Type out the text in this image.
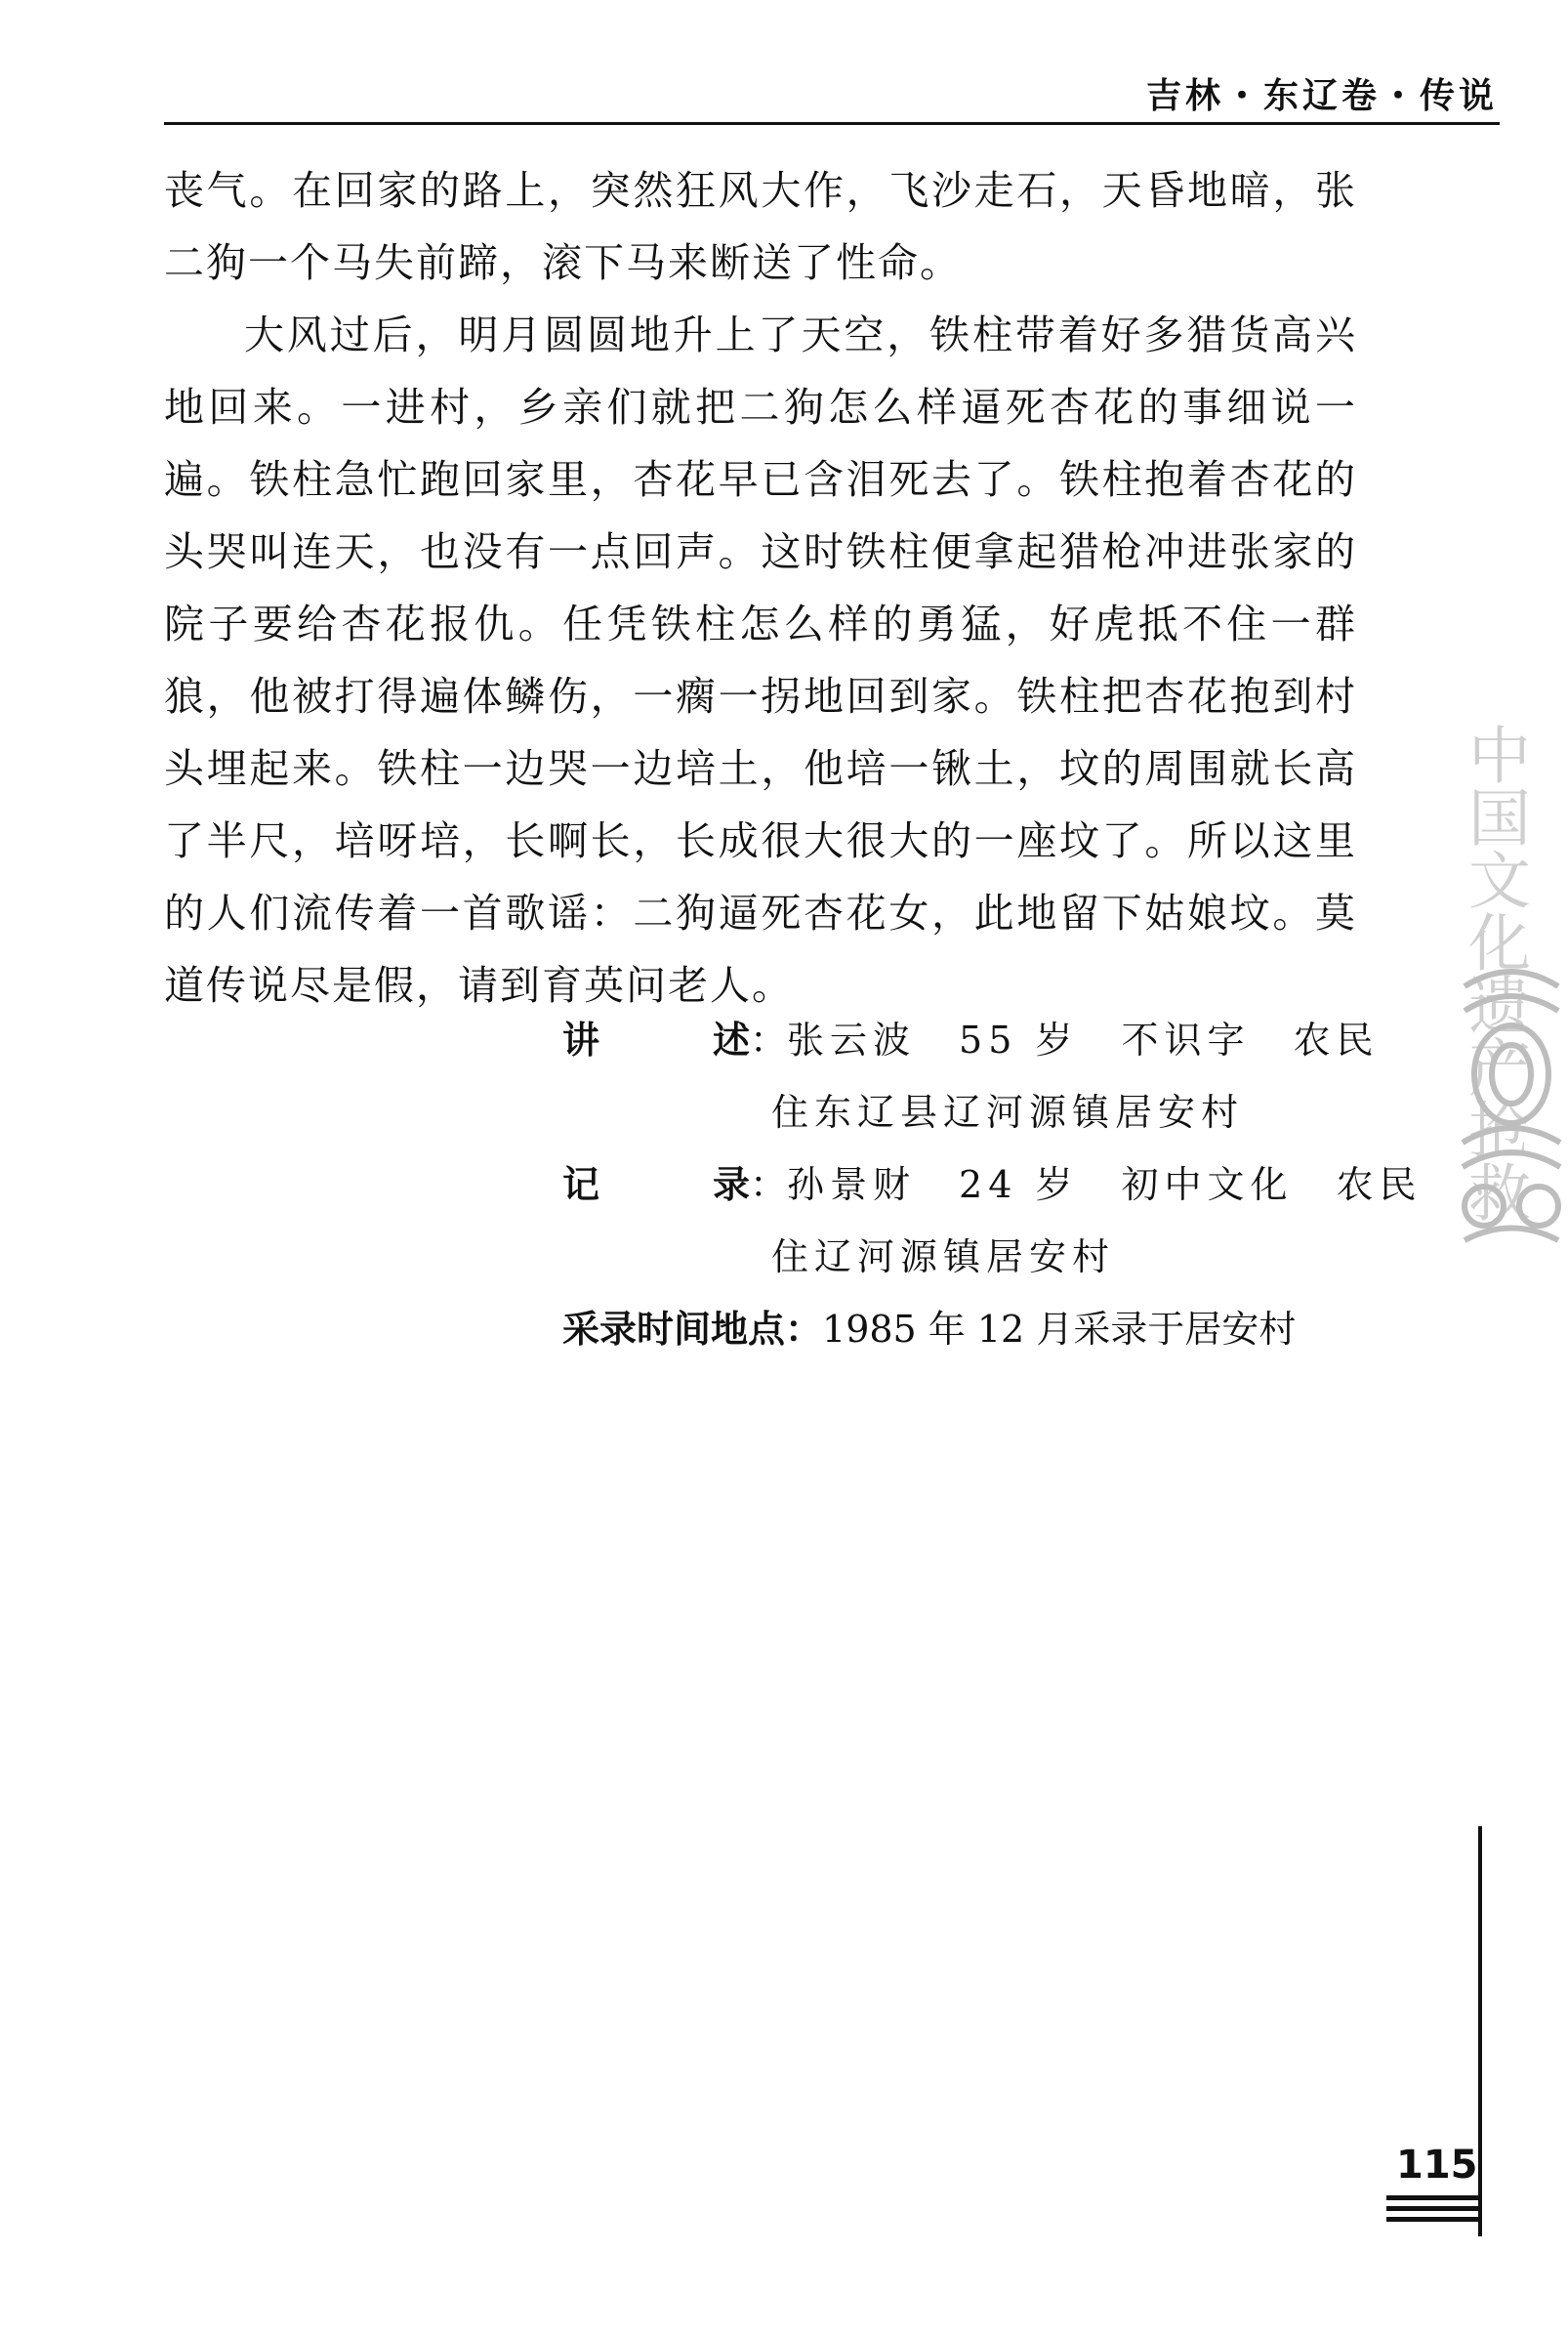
吉林・东辽卷・传说

丧气。在回家的路上，突然狂风大作，飞沙走石，天昏地暗，张二狗一个马失前蹄，滚下马来断送了性命。

大风过后，明月圆圆地升上了天空，铁柱带着好多猎货高兴地回来。一进村，乡亲们就把二狗怎么样逼死杏花的事细说一遍。铁柱急忙跑回家里，杏花早已含泪死去了。铁柱抱着杏花的头哭叫连天，也没有一点回声。这时铁柱便拿起猎枪冲进张家的院子要给杏花报仇。任凭铁柱怎么样的勇猛，好虎抵不住一群狼，他被打得遍体鳞伤，一瘸一拐地回到家。铁柱把杏花抱到村头埋起来。铁柱一边哭一边培土，他培一锹土，坟的周围就长高了半尺，培呀培，长啊长，长成很大很大的一座坟了。所以这里的人们流传着一首歌谣：二狗逼死杏花女，此地留下姑娘坟。莫道传说尽是假，请到育英问老人。

讲	述 ： 张云波　55 岁　不识字　农民
住东辽县辽河源镇居安村
记	录 ： 孙景财　24 岁　初中文化　农民
住辽河源镇居安村
采录时间地点： 1985 年 12 月采录于居安村
中国文化遗产抢救
115
